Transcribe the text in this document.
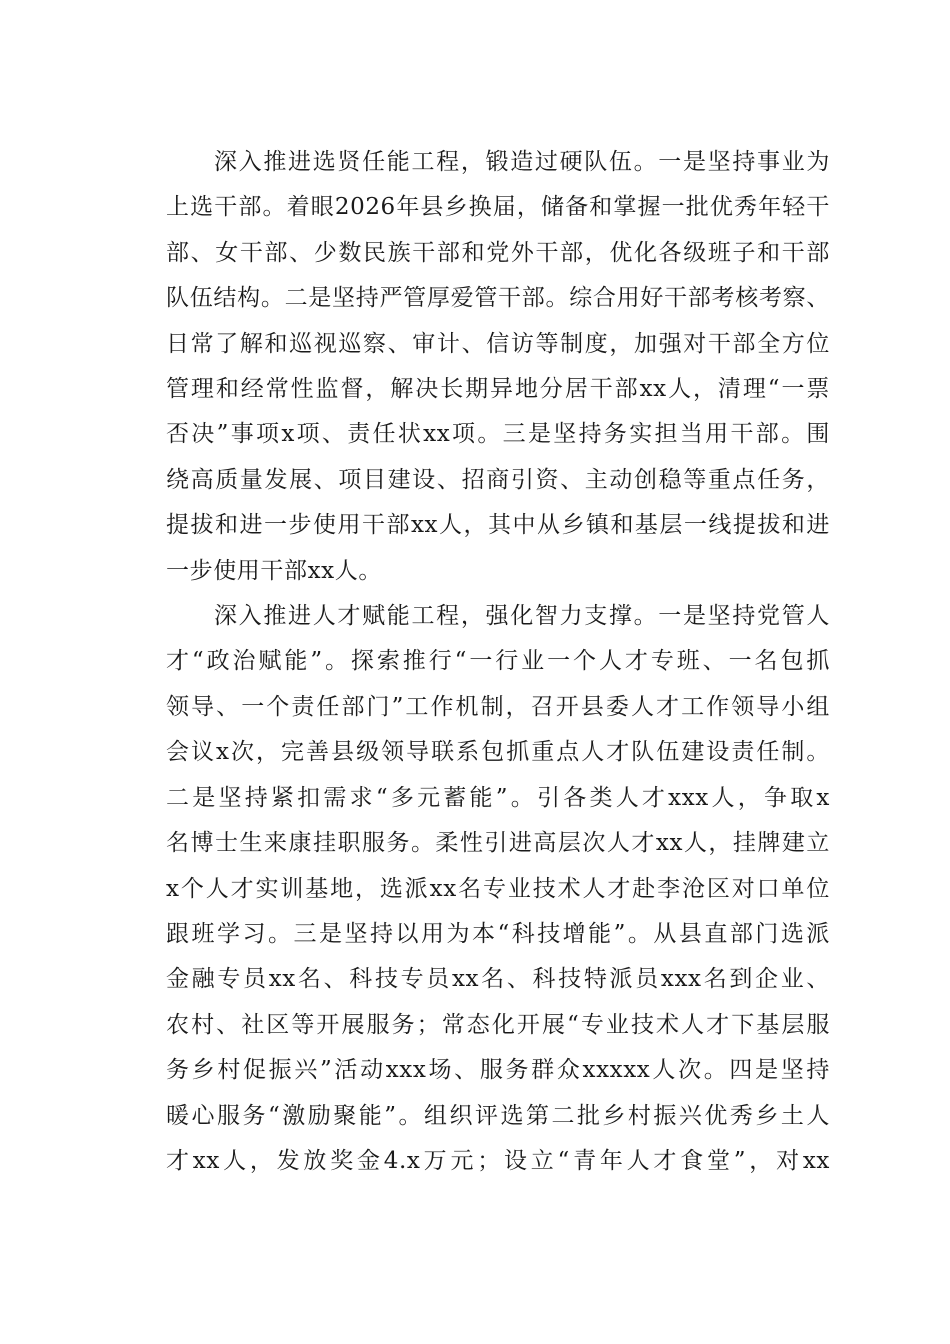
深入推进选贤任能工程，锻造过硬队伍。一是坚持事业为
上选干部。着眼2026年县乡换届，储备和掌握一批优秀年轻干
部、女干部、少数民族干部和党外干部，优化各级班子和干部
队伍结构。二是坚持严管厚爱管干部。综合用好干部考核考察、
日常了解和巡视巡察、审计、信访等制度，加强对干部全方位
管理和经常性监督，解决长期异地分居干部xx人，清理“一票
否决”事项x项、责任状xx项。三是坚持务实担当用干部。围
绕高质量发展、项目建设、招商引资、主动创稳等重点任务，
提拔和进一步使用干部xx人，其中从乡镇和基层一线提拔和进
一步使用干部xx人。
深入推进人才赋能工程，强化智力支撑。一是坚持党管人
才“政治赋能”。探索推行“一行业一个人才专班、一名包抓
领导、一个责任部门”工作机制，召开县委人才工作领导小组
会议x次，完善县级领导联系包抓重点人才队伍建设责任制。
二是坚持紧扣需求“多元蓄能”。引各类人才xxx人，争取x
名博士生来康挂职服务。柔性引进高层次人才xx人，挂牌建立
x个人才实训基地，选派xx名专业技术人才赴李沧区对口单位
跟班学习。三是坚持以用为本“科技增能”。从县直部门选派
金融专员xx名、科技专员xx名、科技特派员xxx名到企业、
农村、社区等开展服务；常态化开展“专业技术人才下基层服
务乡村促振兴”活动xxx场、服务群众xxxxx人次。四是坚持
暖心服务“激励聚能”。组织评选第二批乡村振兴优秀乡土人
才xx人，发放奖金4.x万元；设立“青年人才食堂”，对xx
